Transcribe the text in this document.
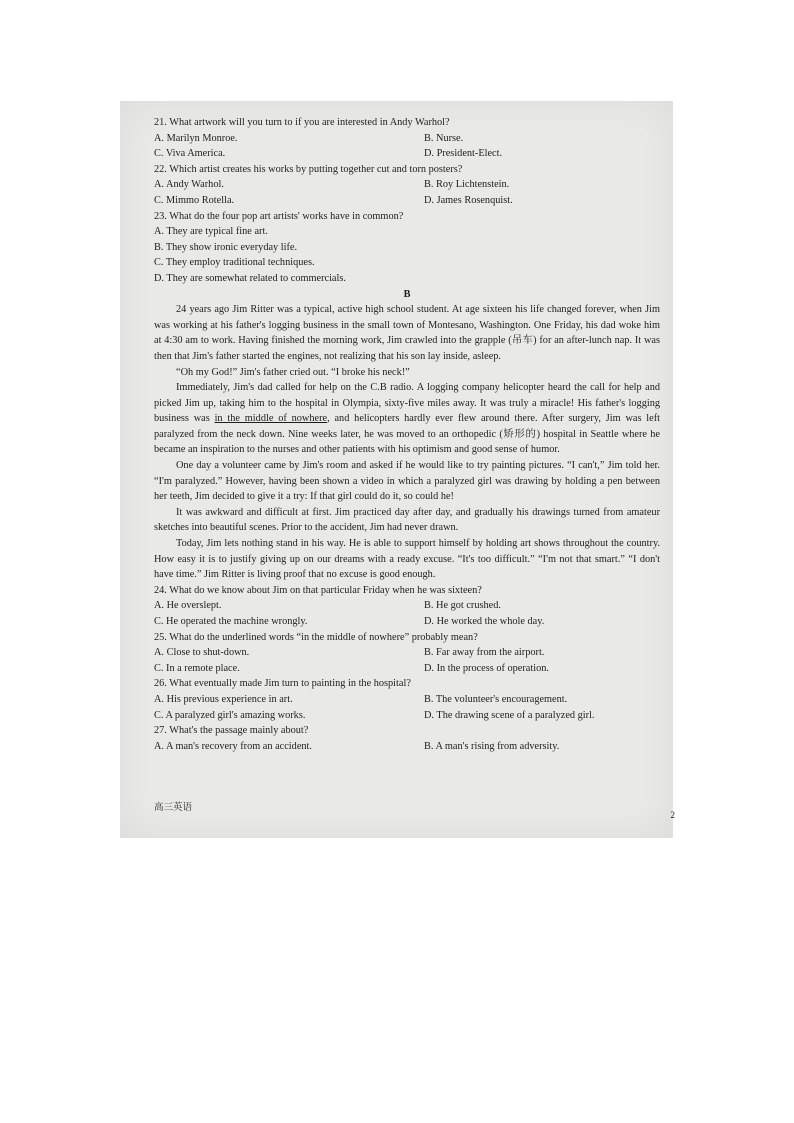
21. What artwork will you turn to if you are interested in Andy Warhol?
A. Marilyn Monroe.	B. Nurse.
C. Viva America.	D. President-Elect.
22. Which artist creates his works by putting together cut and torn posters?
A. Andy Warhol.	B. Roy Lichtenstein.
C. Mimmo Rotella.	D. James Rosenquist.
23. What do the four pop art artists' works have in common?
A. They are typical fine art.
B. They show ironic everyday life.
C. They employ traditional techniques.
D. They are somewhat related to commercials.
B

24 years ago Jim Ritter was a typical, active high school student. At age sixteen his life changed forever, when Jim was working at his father's logging business in the small town of Montesano, Washington. One Friday, his dad woke him at 4:30 am to work. Having finished the morning work, Jim crawled into the grapple (吊车) for an after-lunch nap. It was then that Jim's father started the engines, not realizing that his son lay inside, asleep.

“Oh my God!” Jim's father cried out. “I broke his neck!”

Immediately, Jim's dad called for help on the C.B radio. A logging company helicopter heard the call for help and picked Jim up, taking him to the hospital in Olympia, sixty-five miles away. It was truly a miracle! His father's logging business was in the middle of nowhere, and helicopters hardly ever flew around there. After surgery, Jim was left paralyzed from the neck down. Nine weeks later, he was moved to an orthopedic (矫形的) hospital in Seattle where he became an inspiration to the nurses and other patients with his optimism and good sense of humor.

One day a volunteer came by Jim's room and asked if he would like to try painting pictures. “I can't,” Jim told her. “I'm paralyzed.” However, having been shown a video in which a paralyzed girl was drawing by holding a pen between her teeth, Jim decided to give it a try: If that girl could do it, so could he!

It was awkward and difficult at first. Jim practiced day after day, and gradually his drawings turned from amateur sketches into beautiful scenes. Prior to the accident, Jim had never drawn.

Today, Jim lets nothing stand in his way. He is able to support himself by holding art shows throughout the country. How easy it is to justify giving up on our dreams with a ready excuse. “It's too difficult.” “I'm not that smart.” “I don't have time.” Jim Ritter is living proof that no excuse is good enough.

24. What do we know about Jim on that particular Friday when he was sixteen?
A. He overslept.	B. He got crushed.
C. He operated the machine wrongly.	D. He worked the whole day.
25. What do the underlined words “in the middle of nowhere” probably mean?
A. Close to shut-down.	B. Far away from the airport.
C. In a remote place.	D. In the process of operation.
26. What eventually made Jim turn to painting in the hospital?
A. His previous experience in art.	B. The volunteer's encouragement.
C. A paralyzed girl's amazing works.	D. The drawing scene of a paralyzed girl.
27. What's the passage mainly about?
A. A man's recovery from an accident.	B. A man's rising from adversity.
高三英语
2
